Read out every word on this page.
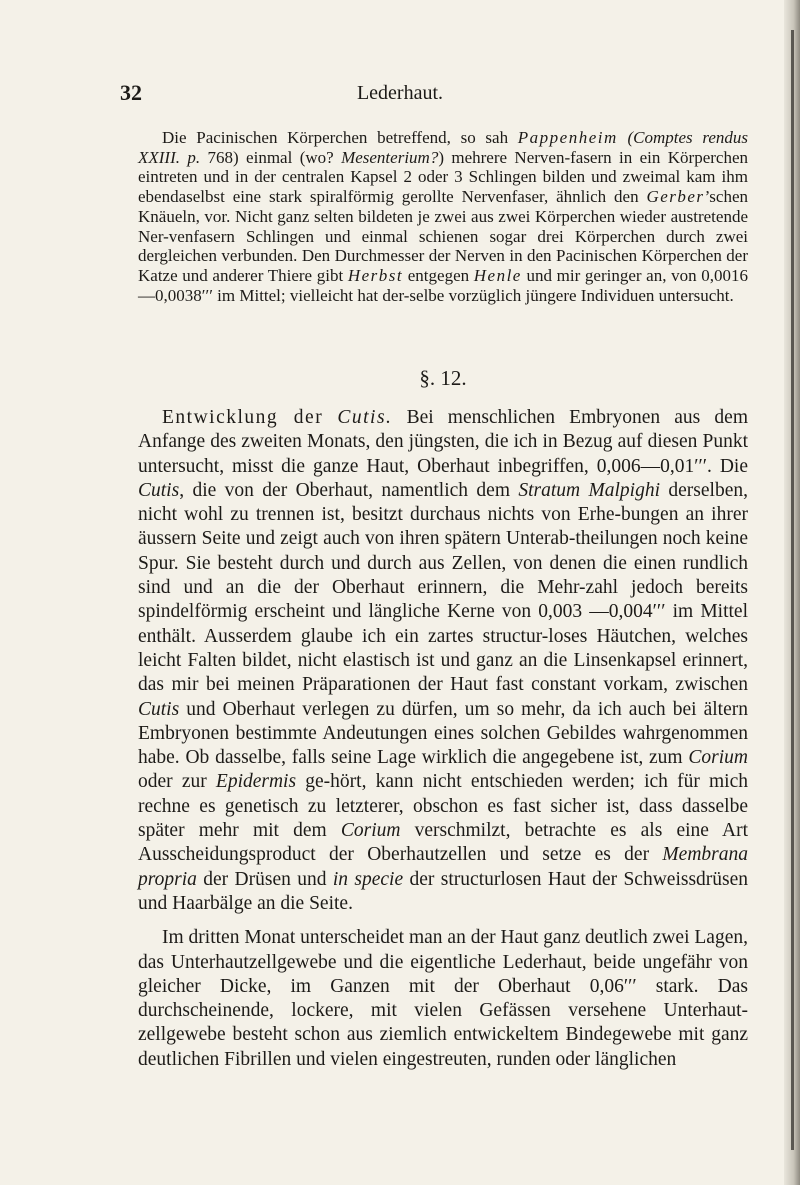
32	Lederhaut.

Die Pacinischen Körperchen betreffend, so sah Pappenheim (Comptes rendus XXIII. p. 768) einmal (wo? Mesenterium?) mehrere Nerven-fasern in ein Körperchen eintreten und in der centralen Kapsel 2 oder 3 Schlingen bilden und zweimal kam ihm ebendaselbst eine stark spiralförmig gerollte Nervenfaser, ähnlich den Gerber’schen Knäueln, vor. Nicht ganz selten bildeten je zwei aus zwei Körperchen wieder austretende Ner-venfasern Schlingen und einmal schienen sogar drei Körperchen durch zwei dergleichen verbunden. Den Durchmesser der Nerven in den Pacinischen Körperchen der Katze und anderer Thiere gibt Herbst entgegen Henle und mir geringer an, von 0,0016—0,0038′′′ im Mittel; vielleicht hat der-selbe vorzüglich jüngere Individuen untersucht.

§. 12.

Entwicklung der Cutis. Bei menschlichen Embryonen aus dem Anfange des zweiten Monats, den jüngsten, die ich in Bezug auf diesen Punkt untersucht, misst die ganze Haut, Oberhaut inbegriffen, 0,006—0,01′′′. Die Cutis, die von der Oberhaut, namentlich dem Stratum Malpighi derselben, nicht wohl zu trennen ist, besitzt durchaus nichts von Erhe-bungen an ihrer äussern Seite und zeigt auch von ihren spätern Unterab-theilungen noch keine Spur. Sie besteht durch und durch aus Zellen, von denen die einen rundlich sind und an die der Oberhaut erinnern, die Mehr-zahl jedoch bereits spindelförmig erscheint und längliche Kerne von 0,003 —0,004′′′ im Mittel enthält. Ausserdem glaube ich ein zartes structur-loses Häutchen, welches leicht Falten bildet, nicht elastisch ist und ganz an die Linsenkapsel erinnert, das mir bei meinen Präparationen der Haut fast constant vorkam, zwischen Cutis und Oberhaut verlegen zu dürfen, um so mehr, da ich auch bei ältern Embryonen bestimmte Andeutungen eines solchen Gebildes wahrgenommen habe. Ob dasselbe, falls seine Lage wirklich die angegebene ist, zum Corium oder zur Epidermis ge-hört, kann nicht entschieden werden; ich für mich rechne es genetisch zu letzterer, obschon es fast sicher ist, dass dasselbe später mehr mit dem Corium verschmilzt, betrachte es als eine Art Ausscheidungsproduct der Oberhautzellen und setze es der Membrana propria der Drüsen und in specie der structurlosen Haut der Schweissdrüsen und Haarbälge an die Seite.

Im dritten Monat unterscheidet man an der Haut ganz deutlich zwei Lagen, das Unterhautzellgewebe und die eigentliche Lederhaut, beide ungefähr von gleicher Dicke, im Ganzen mit der Oberhaut 0,06′′′ stark. Das durchscheinende, lockere, mit vielen Gefässen versehene Unterhaut-zellgewebe besteht schon aus ziemlich entwickeltem Bindegewebe mit ganz deutlichen Fibrillen und vielen eingestreuten, runden oder länglichen
